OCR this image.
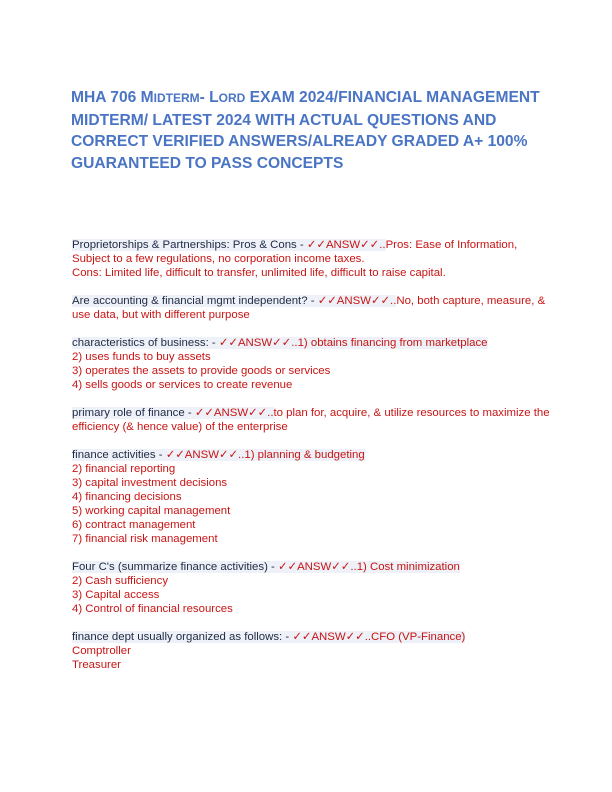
MHA 706 MIDTERM- LORD EXAM 2024/FINANCIAL MANAGEMENT MIDTERM/ LATEST 2024 WITH ACTUAL QUESTIONS AND CORRECT VERIFIED ANSWERS/ALREADY GRADED A+ 100% GUARANTEED TO PASS CONCEPTS

Proprietorships & Partnerships: Pros & Cons - ✓✓ANSW✓✓..Pros: Ease of Information, Subject to a few regulations, no corporation income taxes.
Cons: Limited life, difficult to transfer, unlimited life, difficult to raise capital.

Are accounting & financial mgmt independent? - ✓✓ANSW✓✓..No, both capture, measure, & use data, but with different purpose

characteristics of business: - ✓✓ANSW✓✓..1) obtains financing from marketplace
2) uses funds to buy assets
3) operates the assets to provide goods or services
4) sells goods or services to create revenue

primary role of finance - ✓✓ANSW✓✓..to plan for, acquire, & utilize resources to maximize the efficiency (& hence value) of the enterprise

finance activities - ✓✓ANSW✓✓..1) planning & budgeting
2) financial reporting
3) capital investment decisions
4) financing decisions
5) working capital management
6) contract management
7) financial risk management

Four C's (summarize finance activities) - ✓✓ANSW✓✓..1) Cost minimization
2) Cash sufficiency
3) Capital access
4) Control of financial resources

finance dept usually organized as follows: - ✓✓ANSW✓✓..CFO (VP-Finance)
Comptroller
Treasurer
